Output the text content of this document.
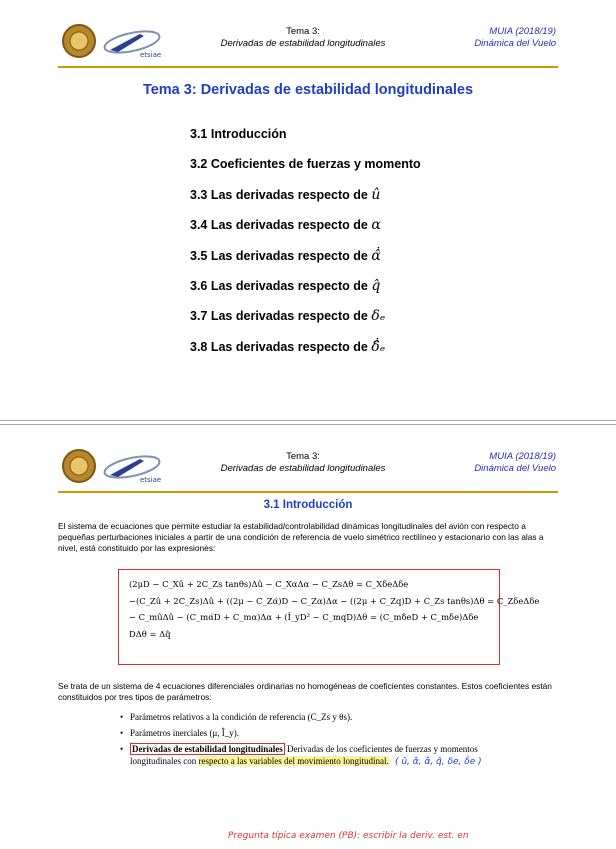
etsiae
Tema 3:
Derivadas de estabilidad longitudinales
MUIA (2018/19)
Dinámica del Vuelo
Tema 3: Derivadas de estabilidad longitudinales
3.1 Introducción
3.2 Coeficientes de fuerzas y momento
3.3 Las derivadas respecto de û
3.4 Las derivadas respecto de α
3.5 Las derivadas respecto de α̂̇
3.6 Las derivadas respecto de q̂
3.7 Las derivadas respecto de δₑ
3.8 Las derivadas respecto de δ̂̇ₑ
etsiae
Tema 3:
Derivadas de estabilidad longitudinales
MUIA (2018/19)
Dinámica del Vuelo
3.1 Introducción
El sistema de ecuaciones que permite estudiar la estabilidad/controlabilidad dinámicas longitudinales del avión con respecto a pequeñas perturbaciones iniciales a partir de una condición de referencia de vuelo simétrico rectilíneo y estacionario con las alas a nivel, está constituido por las expresiones:
(2μD − C_Xû + 2C_Zs tanθs)Δû − C_XαΔα − C_ZsΔθ = C_XδeΔδe
−(C_Zû + 2C_Zs)Δû + ((2μ − C_Zα̇)D − C_Zα)Δα − ((2μ + C_Zq)D + C_Zs tanθs)Δθ = C_ZδeΔδe
− C_mûΔû − (C_mα̇D + C_mα)Δα + (Î_yD² − C_mqD)Δθ = (C_mδ̇eD + C_mδe)Δδe
DΔθ = Δq̂
Se trata de un sistema de 4 ecuaciones diferenciales ordinarias no homogéneas de coeficientes constantes. Estos coeficientes están constituidos por tres tipos de parámetros:
• Parámetros relativos a la condición de referencia (C_Zs y θs).
• Parámetros inerciales (μ, Î_y).
• Derivadas de estabilidad longitudinales Derivadas de los coeficientes de fuerzas y momentos longitudinales con respecto a las variables del movimiento longitudinal. ( û, α̂, α̂̇, q̂, δe, δ̇e )
Pregunta típica examen (PB): escribir la deriv. est. en
